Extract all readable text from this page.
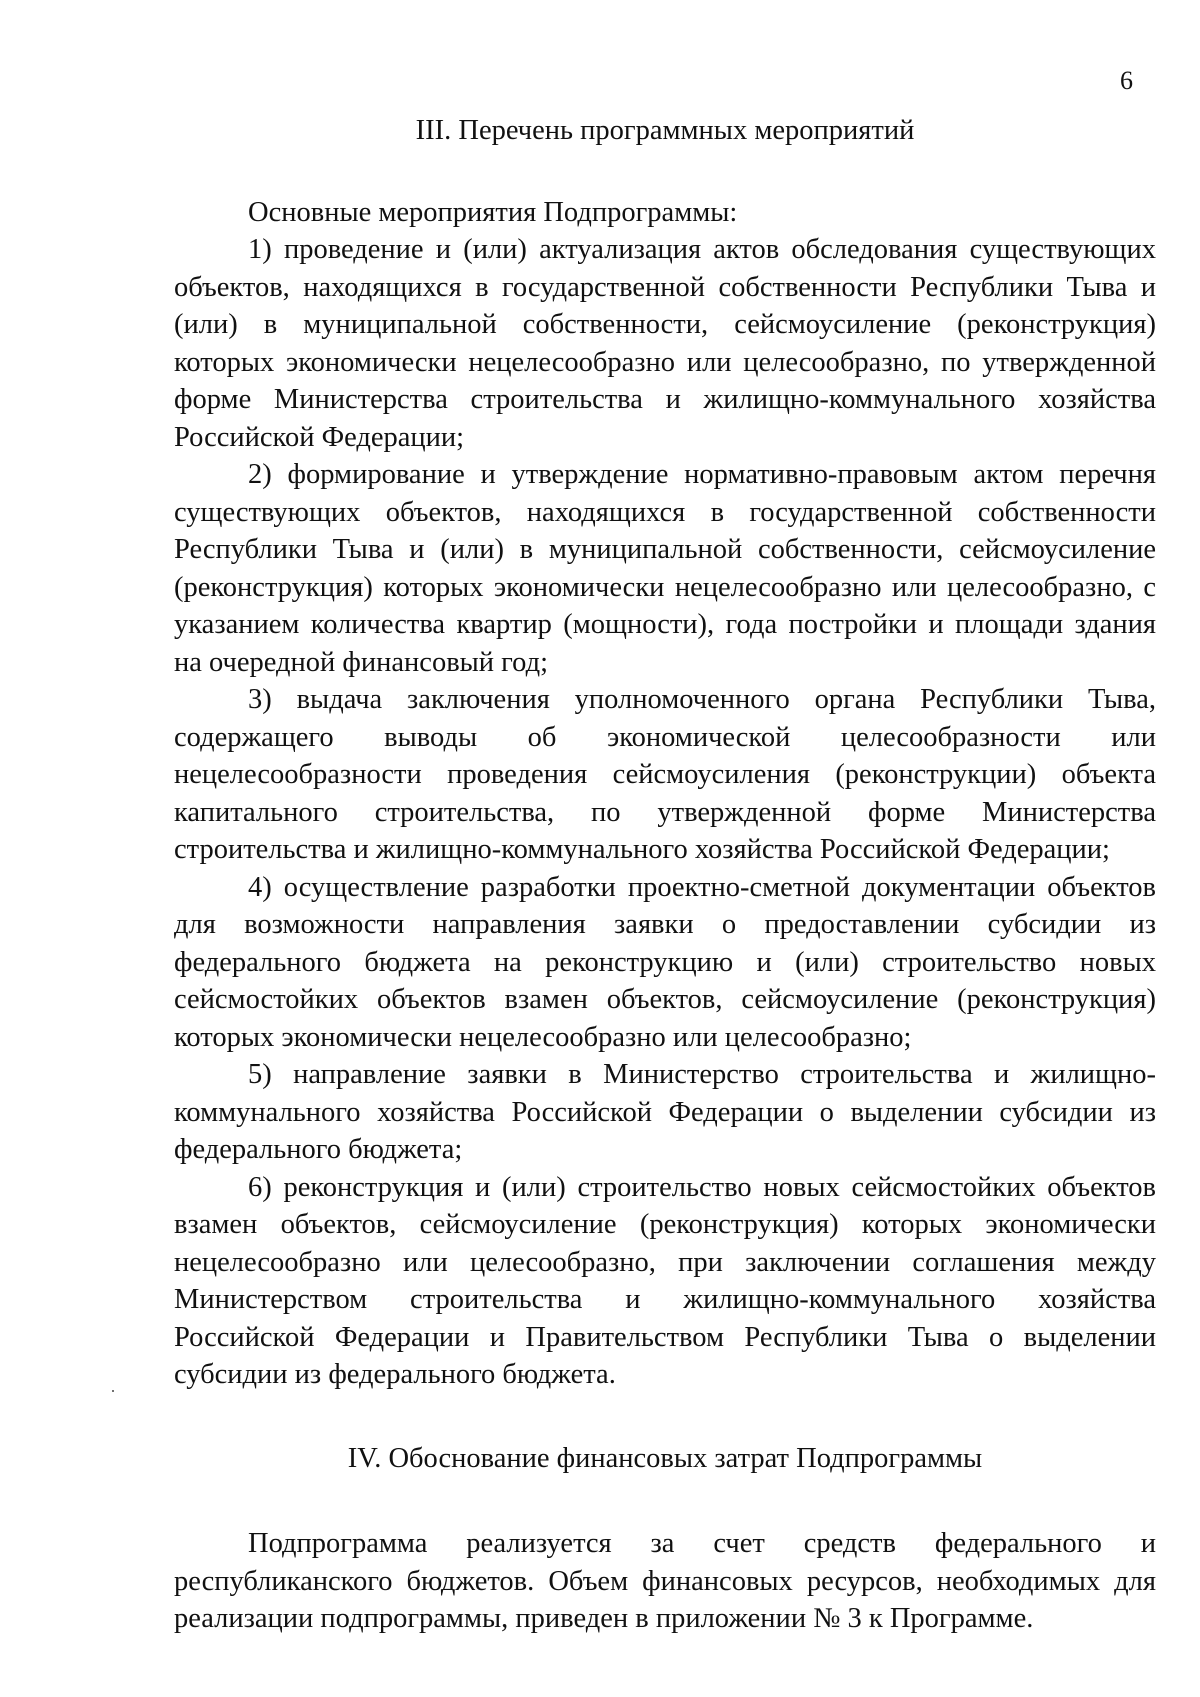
6

III. Перечень программных мероприятий

Основные мероприятия Подпрограммы:

1) проведение и (или) актуализация актов обследования существующих объектов, находящихся в государственной собственности Республики Тыва и (или) в муниципальной собственности, сейсмоусиление (реконструкция) которых экономически нецелесообразно или целесообразно, по утвержденной форме Министерства строительства и жилищно-коммунального хозяйства Российской Федерации;

2) формирование и утверждение нормативно-правовым актом перечня существующих объектов, находящихся в государственной собственности Республики Тыва и (или) в муниципальной собственности, сейсмоусиление (реконструкция) которых экономически нецелесообразно или целесообразно, с указанием количества квартир (мощности), года постройки и площади здания на очередной финансовый год;

3) выдача заключения уполномоченного органа Республики Тыва, содержащего выводы об экономической целесообразности или нецелесообразности проведения сейсмоусиления (реконструкции) объекта капитального строительства, по утвержденной форме Министерства строительства и жилищно-коммунального хозяйства Российской Федерации;

4) осуществление разработки проектно-сметной документации объектов для возможности направления заявки о предоставлении субсидии из федерального бюджета на реконструкцию и (или) строительство новых сейсмостойких объектов взамен объектов, сейсмоусиление (реконструкция) которых экономически нецелесообразно или целесообразно;

5) направление заявки в Министерство строительства и жилищно-коммунального хозяйства Российской Федерации о выделении субсидии из федерального бюджета;

6) реконструкция и (или) строительство новых сейсмостойких объектов взамен объектов, сейсмоусиление (реконструкция) которых экономически нецелесообразно или целесообразно, при заключении соглашения между Министерством строительства и жилищно-коммунального хозяйства Российской Федерации и Правительством Республики Тыва о выделении субсидии из федерального бюджета.

IV. Обоснование финансовых затрат Подпрограммы

Подпрограмма реализуется за счет средств федерального и республиканского бюджетов. Объем финансовых ресурсов, необходимых для реализации подпрограммы, приведен в приложении № 3 к Программе.
